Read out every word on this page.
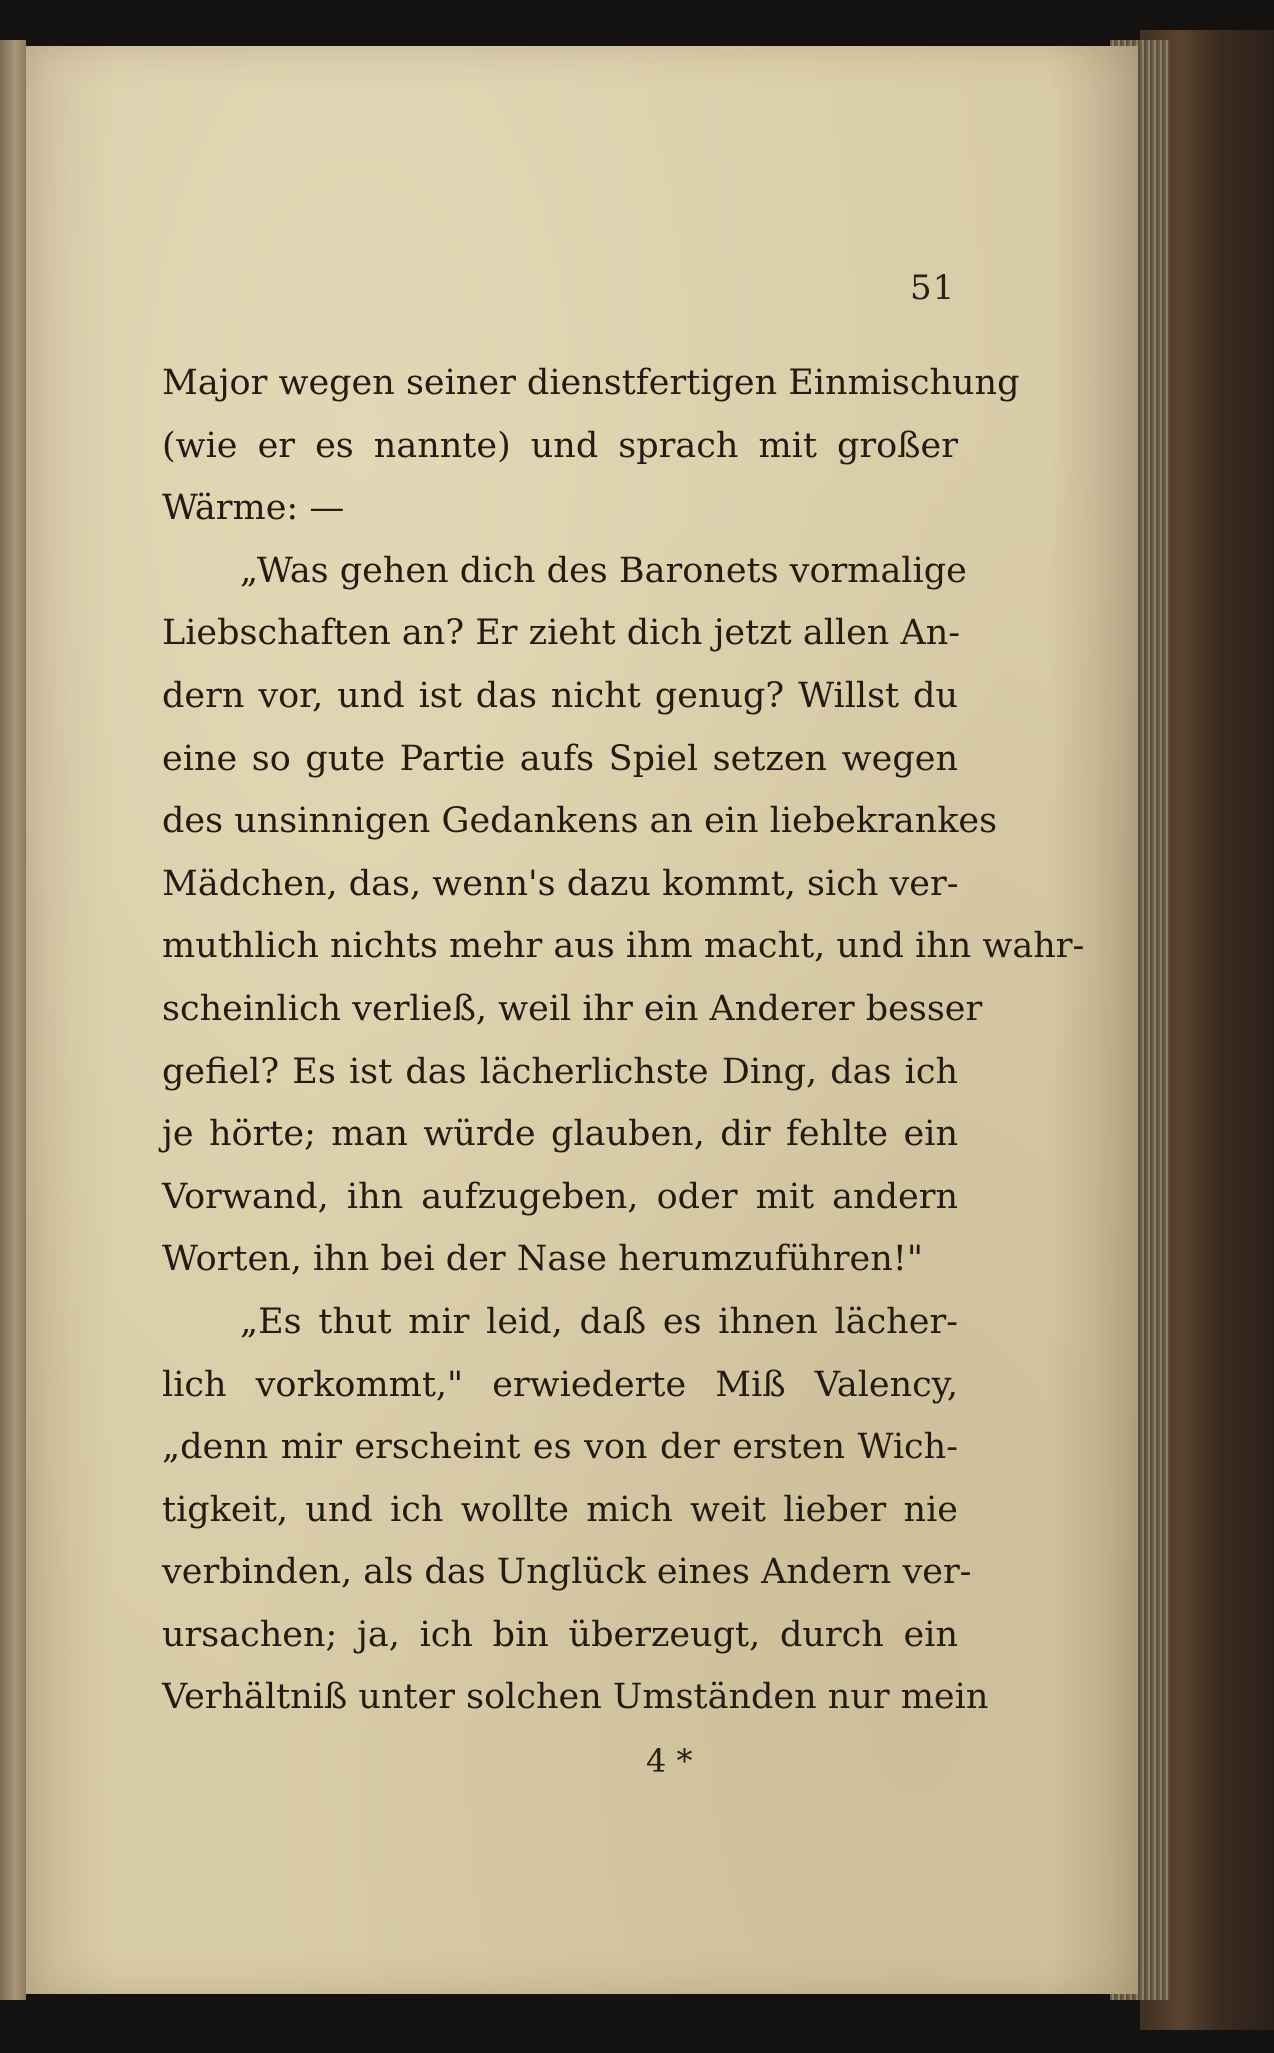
51
Major wegen seiner dienstfertigen Einmischung
(wie er es nannte) und sprach mit großer
Wärme: —
„Was gehen dich des Baronets vormalige
Liebschaften an? Er zieht dich jetzt allen An-
dern vor, und ist das nicht genug? Willst du
eine so gute Partie aufs Spiel setzen wegen
des unsinnigen Gedankens an ein liebekrankes
Mädchen, das, wenn's dazu kommt, sich ver-
muthlich nichts mehr aus ihm macht, und ihn wahr-
scheinlich verließ, weil ihr ein Anderer besser
gefiel? Es ist das lächerlichste Ding, das ich
je hörte; man würde glauben, dir fehlte ein
Vorwand, ihn aufzugeben, oder mit andern
Worten, ihn bei der Nase herumzuführen!"
„Es thut mir leid, daß es ihnen lächer-
lich vorkommt," erwiederte Miß Valency,
„denn mir erscheint es von der ersten Wich-
tigkeit, und ich wollte mich weit lieber nie
verbinden, als das Unglück eines Andern ver-
ursachen; ja, ich bin überzeugt, durch ein
Verhältniß unter solchen Umständen nur mein
4 *
